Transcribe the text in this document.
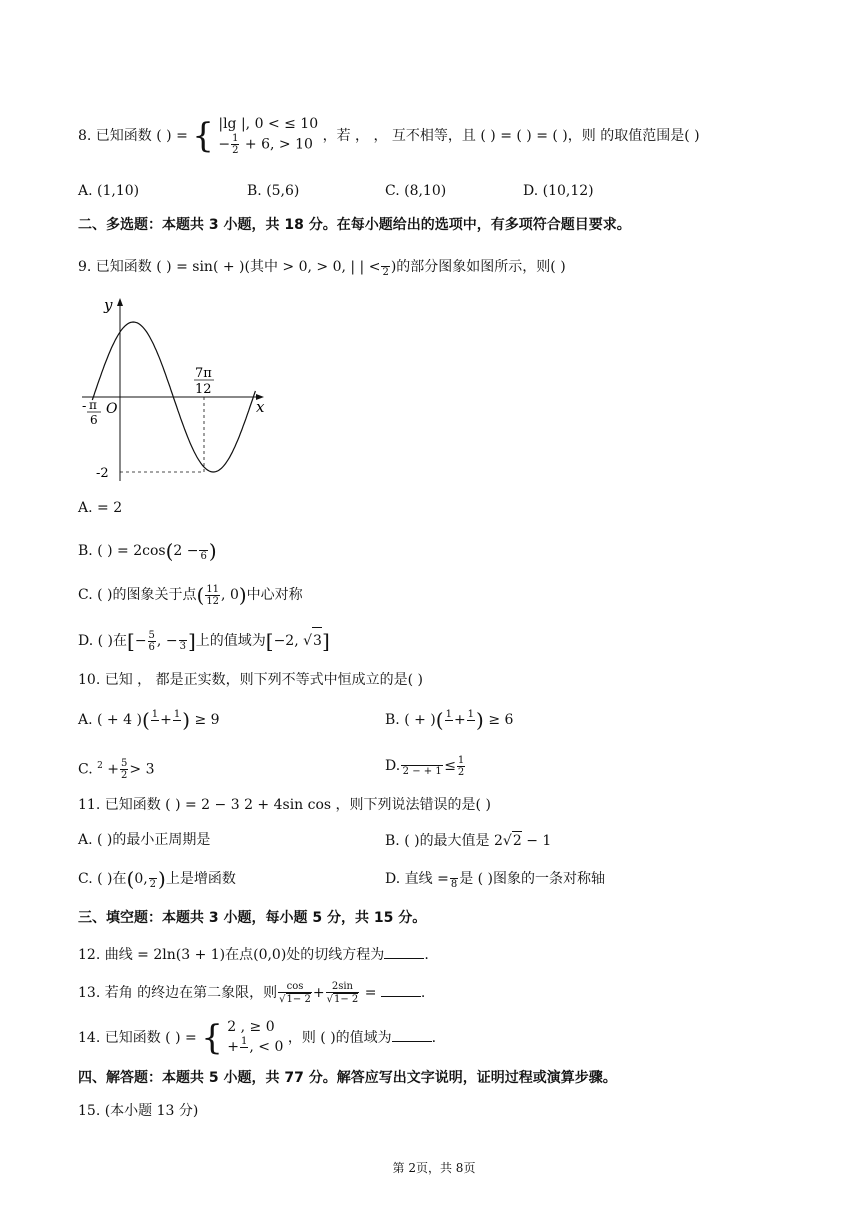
8. 已知函数 ( ) = { |lg |, 0 < ≤ 10
− $\frac{1}{2} + 6$, > 10
，若 ， ， 互不相等，且 ( ) = ( ) = ( )，则 的取值范围是( )
A. (1,10)	B. (5,6)	C. (8,10)	D. (10,12)
二、多选题：本题共 3 小题，共 18 分。在每小题给出的选项中，有多项符合题目要求。
9. 已知函数 ( ) = sin( + )(其中 > 0, > 0, | | < 2 )的部分图象如图所示，则( )
y
x
O
- π
6
7π
12
-2
A. = 2
B. ( ) = 2cos(2 − 6 )
C. ( )的图象关于点( $\frac{11}{12}$ , 0)中心对称
D. ( )在[− $\frac{5}{6}$ , − 3 ]上的值域为[−2, √3]
10. 已知 ， 都是正实数，则下列不等式中恒成立的是( )
A. ( + 4 )( 1 + 1 ) ≥ 9	B. ( + )( 1 + 1 ) ≥ 6
C. $^2 + \frac{5}{2} > 3$	D. 2 − + $1 \le \frac{1}{2}$
11. 已知函数 ( ) = 2 − 3 2 + 4sin cos ，则下列说法错误的是( )
A. ( )的最小正周期是	B. ( )的最大值是 2√2 − 1
C. ( )在(0, 2 )上是增函数	D. 直线 = 8 是 ( )图象的一条对称轴
三、填空题：本题共 3 小题，每小题 5 分，共 15 分。
12. 曲线 = 2ln(3 + 1)在点(0,0)处的切线方程为	.
13. 若角 的终边在第二象限，则 $\frac{\cos}{√1- 2} + \frac{2\sin}{√1- 2}$ =	.
14. 已知函数 ( ) = { 2 , ≥ 0
+ 1 , < 0
，则 ( )的值域为	.
四、解答题：本题共 5 小题，共 77 分。解答应写出文字说明，证明过程或演算步骤。
15. (本小题 13 分)
第 2页，共 8页
